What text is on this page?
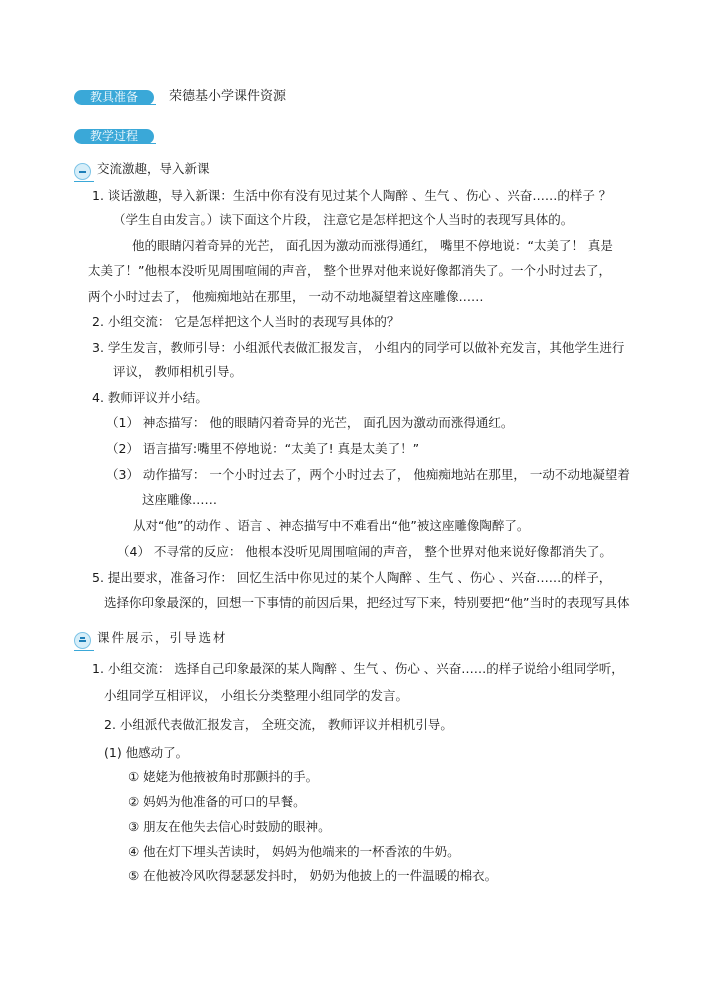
教具准备	荣德基小学课件资源
教学过程
交流激趣，导入新课
1. 谈话激趣，导入新课：生活中你有没有见过某个人陶醉 、生气 、伤心 、兴奋……的样子 ？
（学生自由发言。）读下面这个片段， 注意它是怎样把这个人当时的表现写具体的。
他的眼睛闪着奇异的光芒， 面孔因为激动而涨得通红， 嘴里不停地说：“太美了！ 真是
太美了！”他根本没听见周围喧闹的声音， 整个世界对他来说好像都消失了。一个小时过去了，
两个小时过去了， 他痴痴地站在那里， 一动不动地凝望着这座雕像……
2. 小组交流： 它是怎样把这个人当时的表现写具体的？
3. 学生发言，教师引导：小组派代表做汇报发言， 小组内的同学可以做补充发言，其他学生进行
评议， 教师相机引导。
4. 教师评议并小结。
（1） 神态描写： 他的眼睛闪着奇异的光芒， 面孔因为激动而涨得通红。
（2） 语言描写:嘴里不停地说：“太美了! 真是太美了！”
（3） 动作描写： 一个小时过去了，两个小时过去了， 他痴痴地站在那里， 一动不动地凝望着
这座雕像……
从对“他”的动作 、语言 、神态描写中不难看出“他”被这座雕像陶醉了。
（4） 不寻常的反应： 他根本没听见周围喧闹的声音， 整个世界对他来说好像都消失了。
5. 提出要求，准备习作： 回忆生活中你见过的某个人陶醉 、生气 、伤心 、兴奋……的样子，
选择你印象最深的，回想一下事情的前因后果，把经过写下来，特别要把“他”当时的表现写具体
课件展示，引导选材
1. 小组交流： 选择自己印象最深的某人陶醉 、生气 、伤心 、兴奋……的样子说给小组同学听，
小组同学互相评议， 小组长分类整理小组同学的发言。
2. 小组派代表做汇报发言， 全班交流， 教师评议并相机引导。
(1) 他感动了。
① 姥姥为他掖被角时那颤抖的手。
② 妈妈为他准备的可口的早餐。
③ 朋友在他失去信心时鼓励的眼神。
④ 他在灯下埋头苦读时， 妈妈为他端来的一杯香浓的牛奶。
⑤ 在他被冷风吹得瑟瑟发抖时， 奶奶为他披上的一件温暖的棉衣。
